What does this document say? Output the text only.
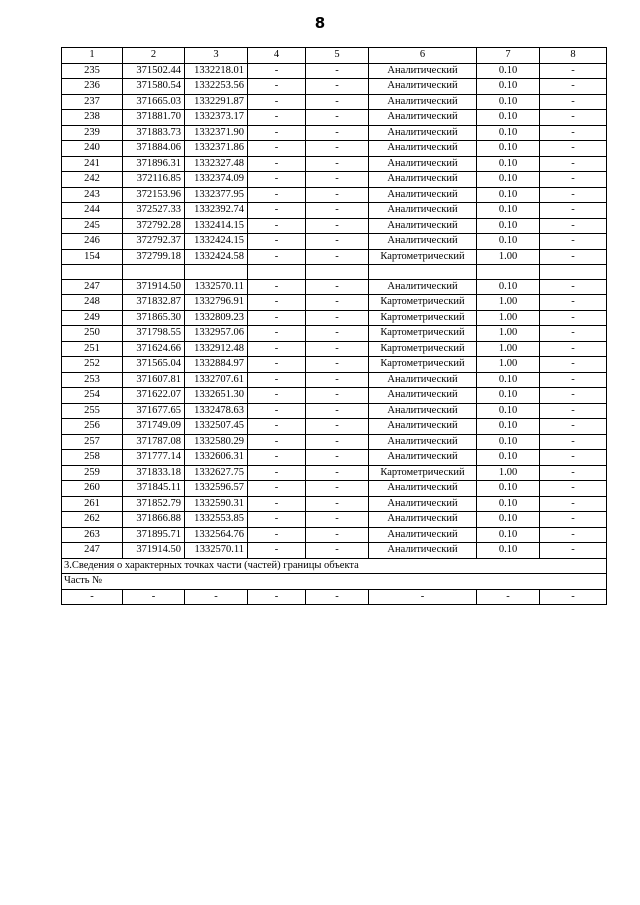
8
1	2	3	4	5	6	7	8
235	371502.44	1332218.01	-	-	Аналитический	0.10	-
236	371580.54	1332253.56	-	-	Аналитический	0.10	-
237	371665.03	1332291.87	-	-	Аналитический	0.10	-
238	371881.70	1332373.17	-	-	Аналитический	0.10	-
239	371883.73	1332371.90	-	-	Аналитический	0.10	-
240	371884.06	1332371.86	-	-	Аналитический	0.10	-
241	371896.31	1332327.48	-	-	Аналитический	0.10	-
242	372116.85	1332374.09	-	-	Аналитический	0.10	-
243	372153.96	1332377.95	-	-	Аналитический	0.10	-
244	372527.33	1332392.74	-	-	Аналитический	0.10	-
245	372792.28	1332414.15	-	-	Аналитический	0.10	-
246	372792.37	1332424.15	-	-	Аналитический	0.10	-
154	372799.18	1332424.58	-	-	Картометрический	1.00	-

247	371914.50	1332570.11	-	-	Аналитический	0.10	-
248	371832.87	1332796.91	-	-	Картометрический	1.00	-
249	371865.30	1332809.23	-	-	Картометрический	1.00	-
250	371798.55	1332957.06	-	-	Картометрический	1.00	-
251	371624.66	1332912.48	-	-	Картометрический	1.00	-
252	371565.04	1332884.97	-	-	Картометрический	1.00	-
253	371607.81	1332707.61	-	-	Аналитический	0.10	-
254	371622.07	1332651.30	-	-	Аналитический	0.10	-
255	371677.65	1332478.63	-	-	Аналитический	0.10	-
256	371749.09	1332507.45	-	-	Аналитический	0.10	-
257	371787.08	1332580.29	-	-	Аналитический	0.10	-
258	371777.14	1332606.31	-	-	Аналитический	0.10	-
259	371833.18	1332627.75	-	-	Картометрический	1.00	-
260	371845.11	1332596.57	-	-	Аналитический	0.10	-
261	371852.79	1332590.31	-	-	Аналитический	0.10	-
262	371866.88	1332553.85	-	-	Аналитический	0.10	-
263	371895.71	1332564.76	-	-	Аналитический	0.10	-
247	371914.50	1332570.11	-	-	Аналитический	0.10	-
3.Сведения о характерных точках части (частей) границы объекта							
Часть №							
-	-	-	-	-	-	-	-
